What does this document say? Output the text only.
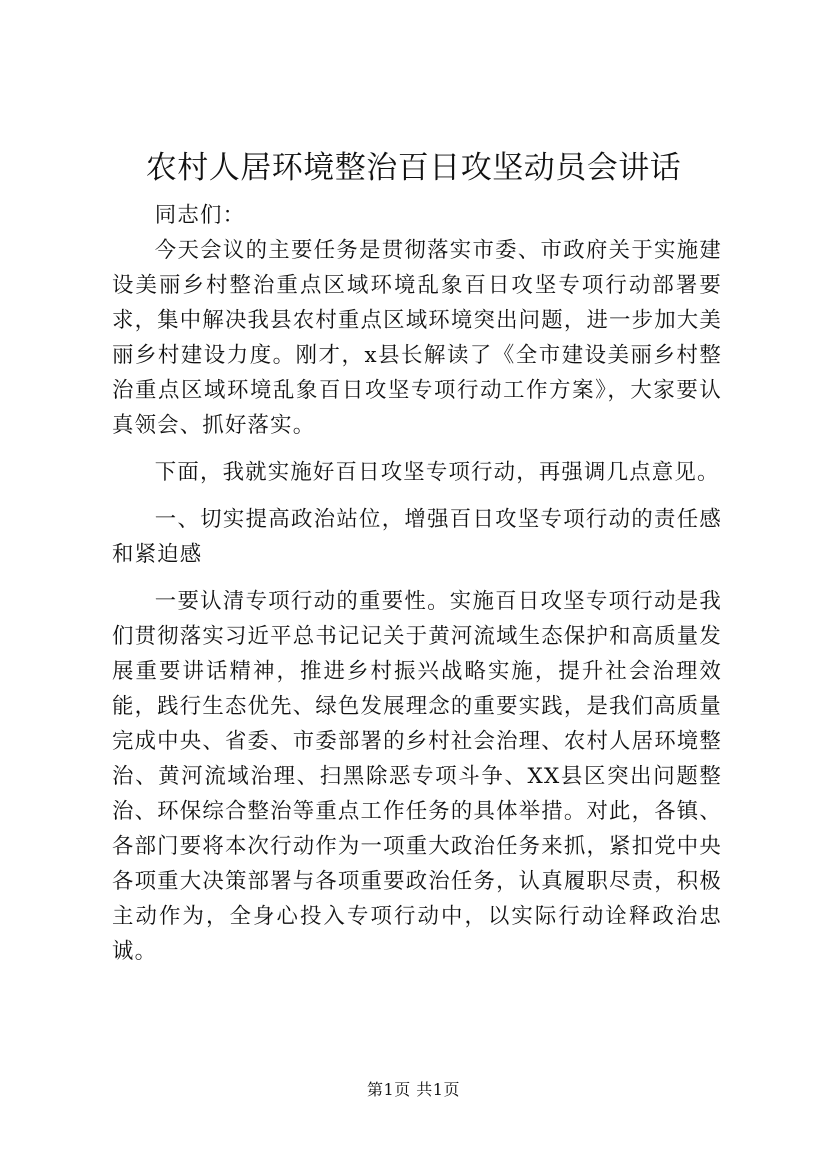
农村人居环境整治百日攻坚动员会讲话

同志们：

今天会议的主要任务是贯彻落实市委、市政府关于实施建设美丽乡村整治重点区域环境乱象百日攻坚专项行动部署要求，集中解决我县农村重点区域环境突出问题，进一步加大美丽乡村建设力度。刚才，x县长解读了《全市建设美丽乡村整治重点区域环境乱象百日攻坚专项行动工作方案》，大家要认真领会、抓好落实。

下面，我就实施好百日攻坚专项行动，再强调几点意见。

一、切实提高政治站位，增强百日攻坚专项行动的责任感和紧迫感

一要认清专项行动的重要性。实施百日攻坚专项行动是我们贯彻落实习近平总书记记关于黄河流域生态保护和高质量发展重要讲话精神，推进乡村振兴战略实施，提升社会治理效能，践行生态优先、绿色发展理念的重要实践，是我们高质量完成中央、省委、市委部署的乡村社会治理、农村人居环境整治、黄河流域治理、扫黑除恶专项斗争、XX县区突出问题整治、环保综合整治等重点工作任务的具体举措。对此，各镇、各部门要将本次行动作为一项重大政治任务来抓，紧扣党中央各项重大决策部署与各项重要政治任务，认真履职尽责，积极主动作为，全身心投入专项行动中，以实际行动诠释政治忠诚。

第1页 共1页
